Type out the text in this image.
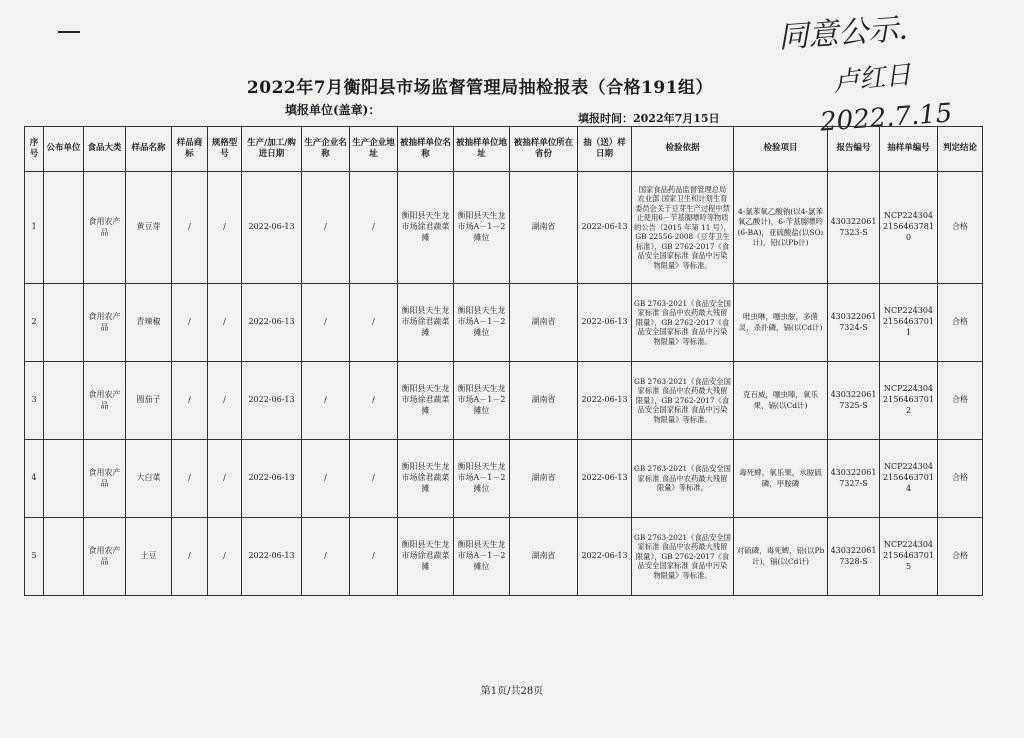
同意公示.
卢红日
2022.7.15
2022年7月衡阳县市场监督管理局抽检报表（合格191组）
填报单位(盖章)：
填报时间：2022年7月15日
序号	公布单位	食品大类	样品名称	样品商标	规格型号	生产/加工/购进日期	生产企业名称	生产企业地址	被抽样单位名称	被抽样单位地址	被抽样单位所在省份	抽（送）样日期	检验依据	检验项目	报告编号	抽样单编号	判定结论
1		食用农产品	黄豆芽	/	/	2022-06-13	/	/	衡阳县天生龙市场徐君蔬菜摊	衡阳县天生龙市场A－1－2摊位	湖南省	2022-06-13	国家食品药品监督管理总局 农业部 国家卫生和计划生育委员会关于豆芽生产过程中禁止使用6－苄基腺嘌呤等物质的公告（2015 年第 11 号），GB 22556-2008《豆芽卫生标准》，GB 2762-2017《食品安全国家标准 食品中污染物限量》等标准。	4-氯苯氧乙酸钠(以4-氯苯氧乙酸计)，6-苄基腺嘌呤(6-BA)，亚硫酸盐(以SO₂计)，铅(以Pb计)	4303220617323-S	NCP22430421564637810	合格
2		食用农产品	青辣椒	/	/	2022-06-13	/	/	衡阳县天生龙市场徐君蔬菜摊	衡阳县天生龙市场A－1－2摊位	湖南省	2022-06-13	GB 2763-2021《食品安全国家标准 食品中农药最大残留限量》，GB 2762-2017《食品安全国家标准 食品中污染物限量》等标准。	吡虫啉，噻虫胺，多菌灵，杀扑磷，镉(以Cd计)	4303220617324-S	NCP22430421564637011	合格
3		食用农产品	圆茄子	/	/	2022-06-13	/	/	衡阳县天生龙市场徐君蔬菜摊	衡阳县天生龙市场A－1－2摊位	湖南省	2022-06-13	GB 2763-2021《食品安全国家标准 食品中农药最大残留限量》，GB 2762-2017《食品安全国家标准 食品中污染物限量》等标准。	克百威，噻虫嗪，氧乐果，镉(以Cd计)	4303220617325-S	NCP22430421564637012	合格
4		食用农产品	大白菜	/	/	2022-06-13	/	/	衡阳县天生龙市场徐君蔬菜摊	衡阳县天生龙市场A－1－2摊位	湖南省	2022-06-13	GB 2763-2021《食品安全国家标准 食品中农药最大残留限量》等标准。	毒死蜱，氧乐果，水胺硫磷，甲胺磷	4303220617327-S	NCP22430421564637014	合格
5		食用农产品	土豆	/	/	2022-06-13	/	/	衡阳县天生龙市场徐君蔬菜摊	衡阳县天生龙市场A－1－2摊位	湖南省	2022-06-13	GB 2763-2021《食品安全国家标准 食品中农药最大残留限量》，GB 2762-2017《食品安全国家标准 食品中污染物限量》等标准。	对硫磷，毒死蜱，铅(以Pb计)，镉(以Cd计)	4303220617328-S	NCP22430421564637015	合格
第1页/共28页
